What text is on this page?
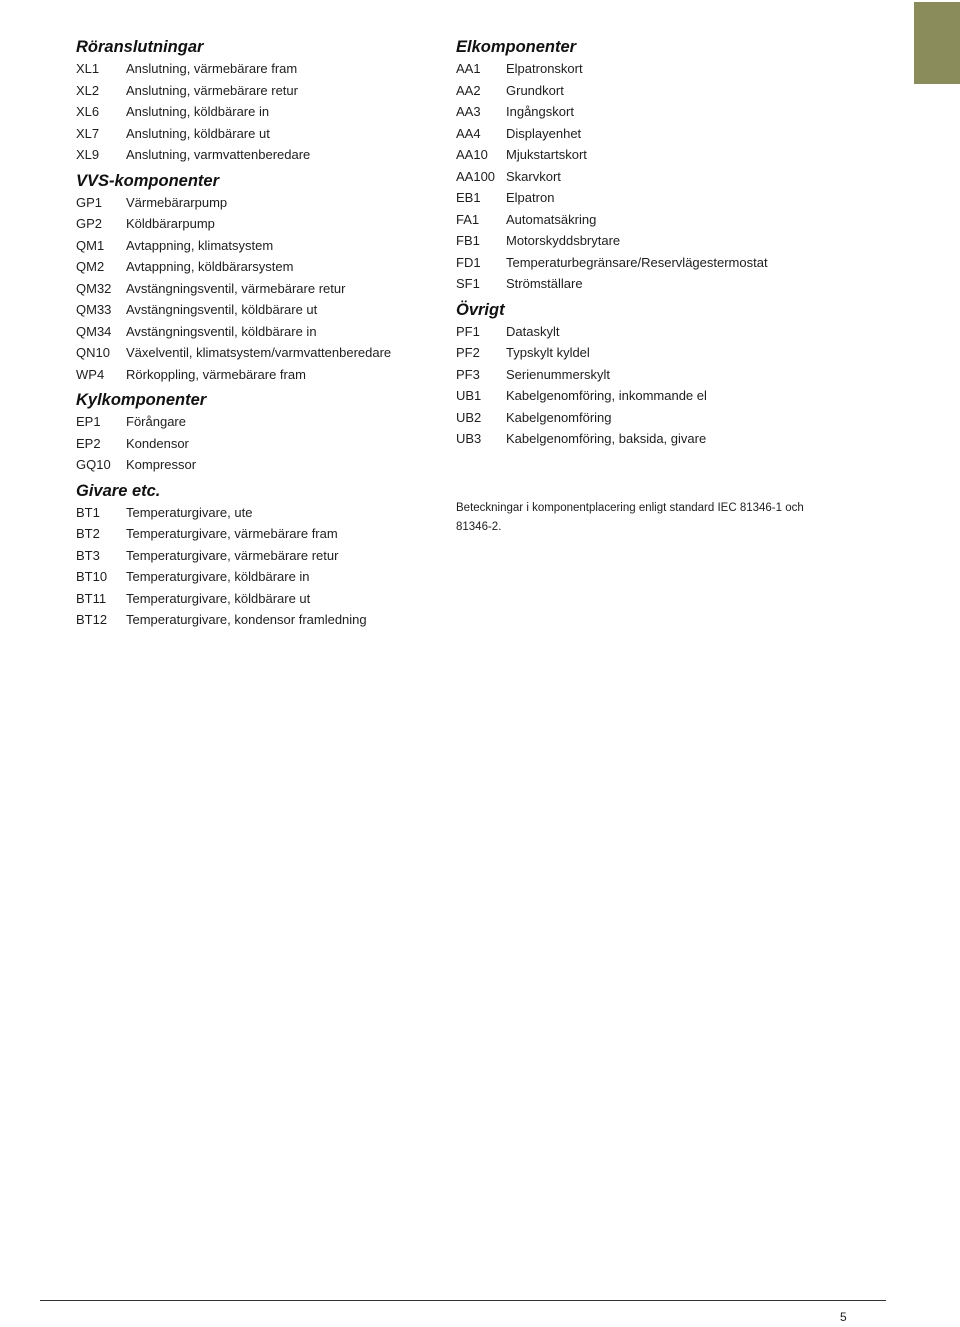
Röranslutningar
XL1 Anslutning, värmebärare fram
XL2 Anslutning, värmebärare retur
XL6 Anslutning, köldbärare in
XL7 Anslutning, köldbärare ut
XL9 Anslutning, varmvattenberedare
VVS-komponenter
GP1 Värmebärarpump
GP2 Köldbärarpump
QM1 Avtappning, klimatsystem
QM2 Avtappning, köldbärarsystem
QM32 Avstängningsventil, värmebärare retur
QM33 Avstängningsventil, köldbärare ut
QM34 Avstängningsventil, köldbärare in
QN10 Växelventil, klimatsystem/varmvattenberedare
WP4 Rörkoppling, värmebärare fram
Kylkomponenter
EP1 Förångare
EP2 Kondensor
GQ10 Kompressor
Givare etc.
BT1 Temperaturgivare, ute
BT2 Temperaturgivare, värmebärare fram
BT3 Temperaturgivare, värmebärare retur
BT10 Temperaturgivare, köldbärare in
BT11 Temperaturgivare, köldbärare ut
BT12 Temperaturgivare, kondensor framledning
Elkomponenter
AA1 Elpatronskort
AA2 Grundkort
AA3 Ingångskort
AA4 Displayenhet
AA10 Mjukstartskort
AA100 Skarvkort
EB1 Elpatron
FA1 Automatsäkring
FB1 Motorskyddsbrytare
FD1 Temperaturbegränsare/Reservlägestermostat
SF1 Strömställare
Övrigt
PF1 Dataskylt
PF2 Typskylt kyldel
PF3 Serienummerskylt
UB1 Kabelgenomföring, inkommande el
UB2 Kabelgenomföring
UB3 Kabelgenomföring, baksida, givare
Beteckningar i komponentplacering enligt standard IEC 81346-1 och 81346-2.
5
